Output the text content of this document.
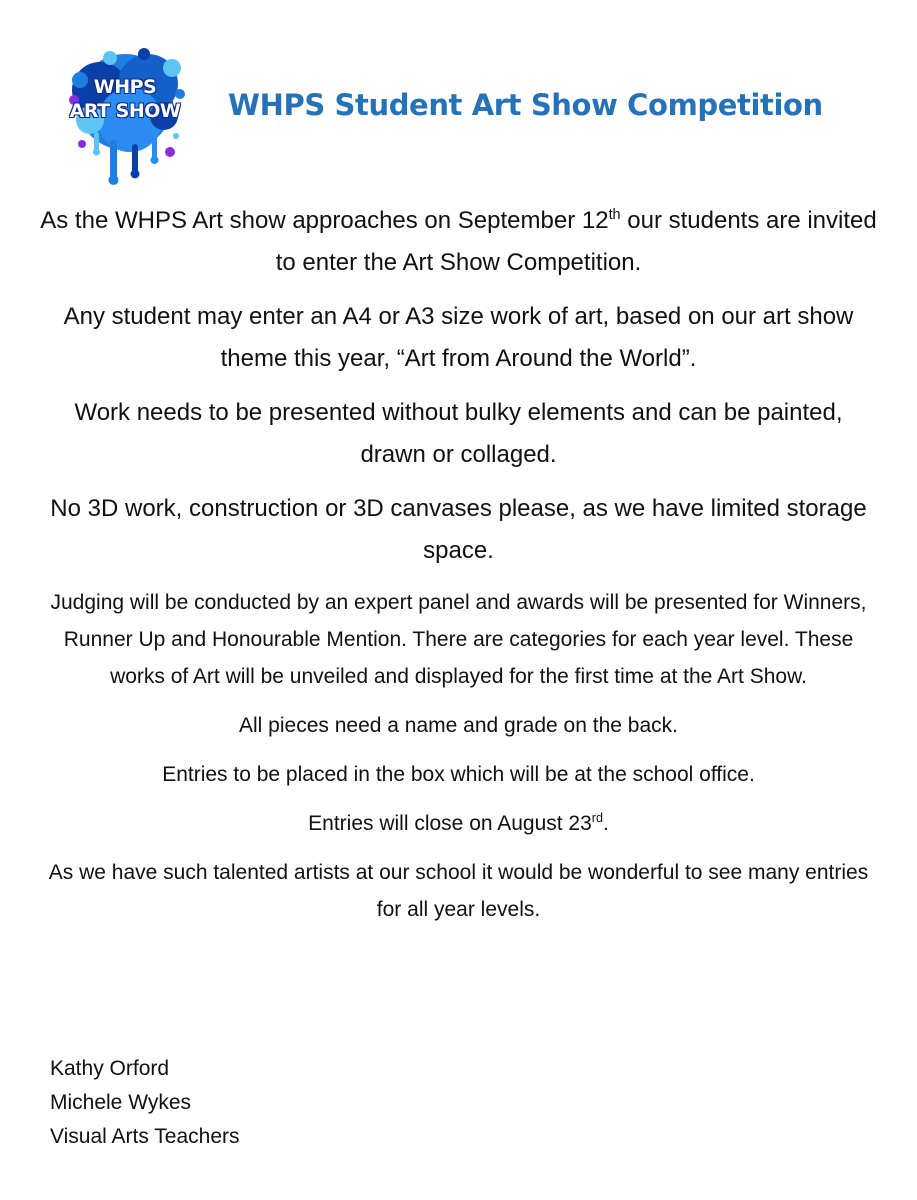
WHPS
ART SHOW	WHPS Student Art Show Competition

As the WHPS Art show approaches on September 12th our students are invited to enter the Art Show Competition.

Any student may enter an A4 or A3 size work of art, based on our art show theme this year, “Art from Around the World”.

Work needs to be presented without bulky elements and can be painted, drawn or collaged.

No 3D work, construction or 3D canvases please, as we have limited storage space.

Judging will be conducted by an expert panel and awards will be presented for Winners, Runner Up and Honourable Mention. There are categories for each year level. These works of Art will be unveiled and displayed for the first time at the Art Show.

All pieces need a name and grade on the back.

Entries to be placed in the box which will be at the school office.

Entries will close on August 23rd.

As we have such talented artists at our school it would be wonderful to see many entries for all year levels.

Kathy Orford
Michele Wykes
Visual Arts Teachers
